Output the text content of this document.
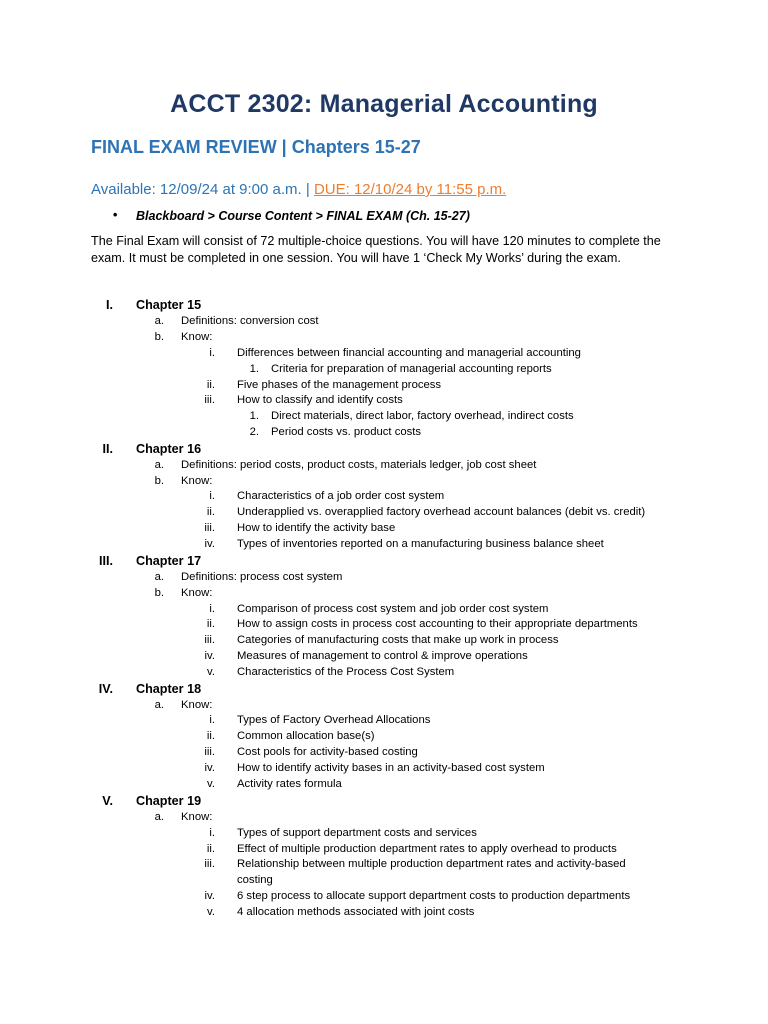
ACCT 2302: Managerial Accounting
FINAL EXAM REVIEW | Chapters 15-27
Available: 12/09/24 at 9:00 a.m. | DUE: 12/10/24 by 11:55 p.m.
• Blackboard > Course Content > FINAL EXAM (Ch. 15-27)
The Final Exam will consist of 72 multiple-choice questions. You will have 120 minutes to complete the exam. It must be completed in one session. You will have 1 ‘Check My Works’ during the exam.
I. Chapter 15
a. Definitions: conversion cost
b. Know:
i. Differences between financial accounting and managerial accounting
1. Criteria for preparation of managerial accounting reports
ii. Five phases of the management process
iii. How to classify and identify costs
1. Direct materials, direct labor, factory overhead, indirect costs
2. Period costs vs. product costs
II. Chapter 16
a. Definitions: period costs, product costs, materials ledger, job cost sheet
b. Know:
i. Characteristics of a job order cost system
ii. Underapplied vs. overapplied factory overhead account balances (debit vs. credit)
iii. How to identify the activity base
iv. Types of inventories reported on a manufacturing business balance sheet
III. Chapter 17
a. Definitions: process cost system
b. Know:
i. Comparison of process cost system and job order cost system
ii. How to assign costs in process cost accounting to their appropriate departments
iii. Categories of manufacturing costs that make up work in process
iv. Measures of management to control & improve operations
v. Characteristics of the Process Cost System
IV. Chapter 18
a. Know:
i. Types of Factory Overhead Allocations
ii. Common allocation base(s)
iii. Cost pools for activity-based costing
iv. How to identify activity bases in an activity-based cost system
v. Activity rates formula
V. Chapter 19
a. Know:
i. Types of support department costs and services
ii. Effect of multiple production department rates to apply overhead to products
iii. Relationship between multiple production department rates and activity-based
costing
iv. 6 step process to allocate support department costs to production departments
v. 4 allocation methods associated with joint costs
